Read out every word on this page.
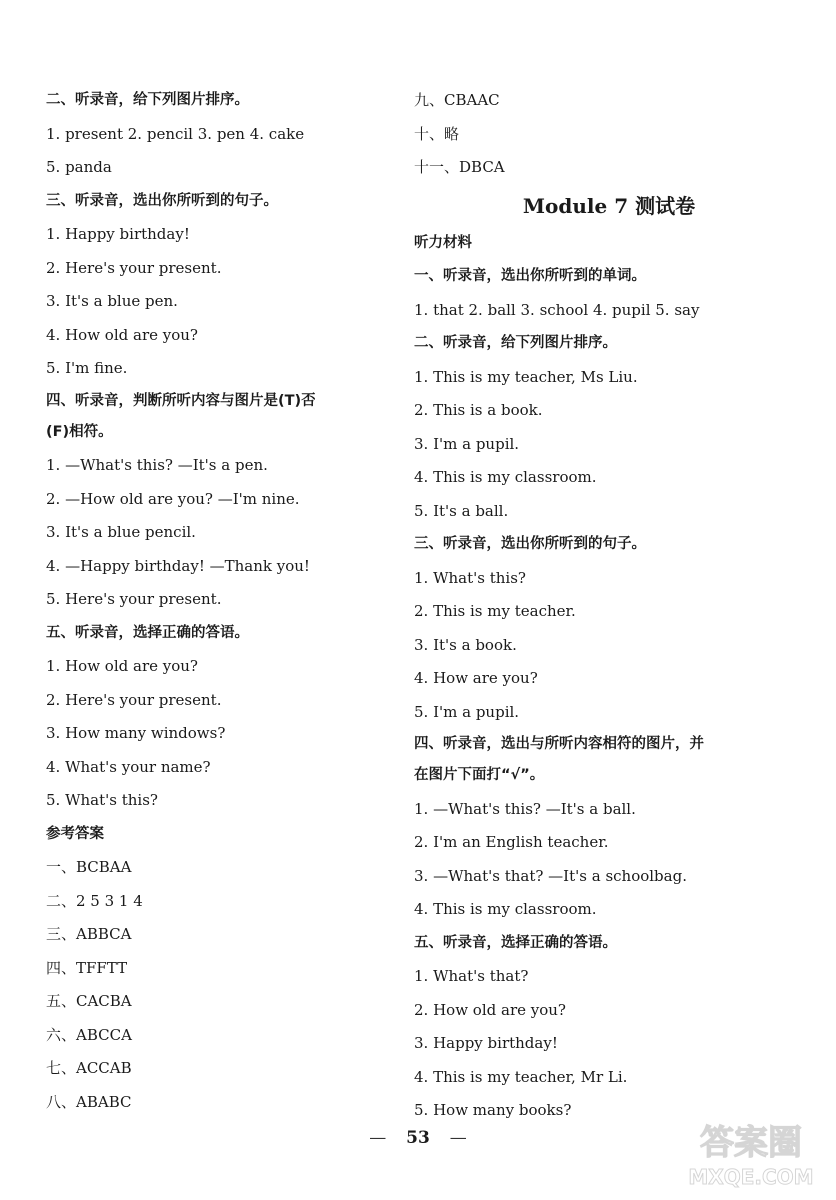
二、听录音，给下列图片排序。
1. present 2. pencil 3. pen 4. cake
5. panda
三、听录音，选出你所听到的句子。
1. Happy birthday!
2. Here's your present.
3. It's a blue pen.
4. How old are you?
5. I'm fine.
四、听录音，判断所听内容与图片是(T)否
(F)相符。
1. —What's this? —It's a pen.
2. —How old are you? —I'm nine.
3. It's a blue pencil.
4. —Happy birthday! —Thank you!
5. Here's your present.
五、听录音，选择正确的答语。
1. How old are you?
2. Here's your present.
3. How many windows?
4. What's your name?
5. What's this?
参考答案
一、BCBAA
二、2 5 3 1 4
三、ABBCA
四、TFFTT
五、CACBA
六、ABCCA
七、ACCAB
八、ABABC
九、CBAAC
十、略
十一、DBCA
Module 7 测试卷
听力材料
一、听录音，选出你所听到的单词。
1. that 2. ball 3. school 4. pupil 5. say
二、听录音，给下列图片排序。
1. This is my teacher, Ms Liu.
2. This is a book.
3. I'm a pupil.
4. This is my classroom.
5. It's a ball.
三、听录音，选出你所听到的句子。
1. What's this?
2. This is my teacher.
3. It's a book.
4. How are you?
5. I'm a pupil.
四、听录音，选出与所听内容相符的图片，并
在图片下面打“√”。
1. —What's this? —It's a ball.
2. I'm an English teacher.
3. —What's that? —It's a schoolbag.
4. This is my classroom.
五、听录音，选择正确的答语。
1. What's that?
2. How old are you?
3. Happy birthday!
4. This is my teacher, Mr Li.
5. How many books?
— 53 —	答案圈
MXQE.COM
